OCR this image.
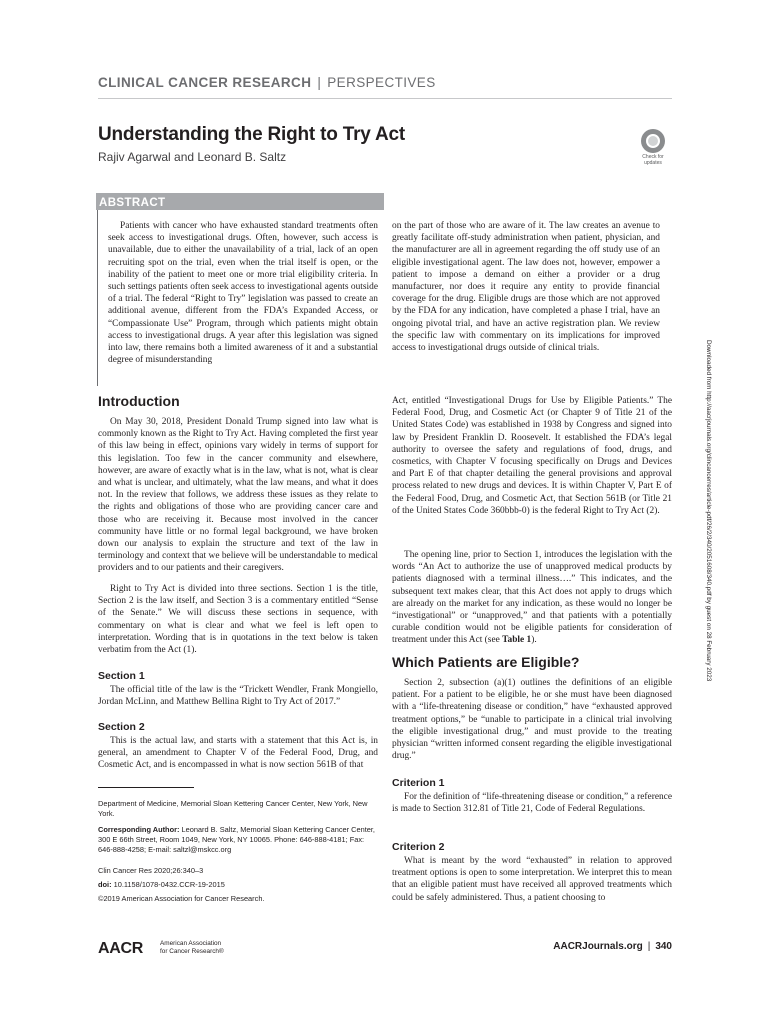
CLINICAL CANCER RESEARCH | PERSPECTIVES
Understanding the Right to Try Act
Rajiv Agarwal and Leonard B. Saltz	Check for
updates
ABSTRACT
Patients with cancer who have exhausted standard treatments often seek access to investigational drugs. Often, however, such access is unavailable, due to either the unavailability of a trial, lack of an open recruiting spot on the trial, even when the trial itself is open, or the inability of the patient to meet one or more trial eligibility criteria. In such settings patients often seek access to investigational agents outside of a trial. The federal “Right to Try” legislation was passed to create an additional avenue, different from the FDA’s Expanded Access, or “Compassionate Use” Program, through which patients might obtain access to investigational drugs. A year after this legislation was signed into law, there remains both a limited awareness of it and a substantial degree of misunderstanding
on the part of those who are aware of it. The law creates an avenue to greatly facilitate off-study administration when patient, physician, and the manufacturer are all in agreement regarding the off study use of an eligible investigational agent. The law does not, however, empower a patient to impose a demand on either a provider or a drug manufacturer, nor does it require any entity to provide financial coverage for the drug. Eligible drugs are those which are not approved by the FDA for any indication, have completed a phase I trial, have an ongoing pivotal trial, and have an active registration plan. We review the specific law with commentary on its implications for improved access to investigational drugs outside of clinical trials.	Downloaded from http://aacrjournals.org/clincancerres/article-pdf/26/2/340/2051608/340.pdf by guest on 28 February 2023
Introduction
On May 30, 2018, President Donald Trump signed into law what is commonly known as the Right to Try Act. Having completed the first year of this law being in effect, opinions vary widely in terms of support for this legislation. Too few in the cancer community and elsewhere, however, are aware of exactly what is in the law, what is not, what is clear and what is unclear, and ultimately, what the law means, and what it does not. In the review that follows, we address these issues as they relate to the rights and obligations of those who are providing cancer care and those who are receiving it. Because most involved in the cancer community have little or no formal legal background, we have broken down our analysis to explain the structure and text of the law in terminology and context that we believe will be understandable to medical providers and to our patients and their caregivers.
Right to Try Act is divided into three sections. Section 1 is the title, Section 2 is the law itself, and Section 3 is a commentary entitled “Sense of the Senate.” We will discuss these sections in sequence, with commentary on what is clear and what we feel is left open to interpretation. Wording that is in quotations in the text below is taken verbatim from the Act (1).
Section 1
The official title of the law is the “Trickett Wendler, Frank Mongiello, Jordan McLinn, and Matthew Bellina Right to Try Act of 2017.”
Section 2
This is the actual law, and starts with a statement that this Act is, in general, an amendment to Chapter V of the Federal Food, Drug, and Cosmetic Act, and is encompassed in what is now section 561B of that
Department of Medicine, Memorial Sloan Kettering Cancer Center, New York, New York.
Corresponding Author: Leonard B. Saltz, Memorial Sloan Kettering Cancer Center, 300 E 66th Street, Room 1049, New York, NY 10065. Phone: 646-888-4181; Fax: 646-888-4258; E-mail: saltzl@mskcc.org
Clin Cancer Res 2020;26:340–3
doi: 10.1158/1078-0432.CCR-19-2015
©2019 American Association for Cancer Research.
Act, entitled “Investigational Drugs for Use by Eligible Patients.” The Federal Food, Drug, and Cosmetic Act (or Chapter 9 of Title 21 of the United States Code) was established in 1938 by Congress and signed into law by President Franklin D. Roosevelt. It established the FDA’s legal authority to oversee the safety and regulations of food, drugs, and cosmetics, with Chapter V focusing specifically on Drugs and Devices and Part E of that chapter detailing the general provisions and approval process related to new drugs and devices. It is within Chapter V, Part E of the Federal Food, Drug, and Cosmetic Act, that Section 561B (or Title 21 of the United States Code 360bbb-0) is the federal Right to Try Act (2).
The opening line, prior to Section 1, introduces the legislation with the words “An Act to authorize the use of unapproved medical products by patients diagnosed with a terminal illness….” This indicates, and the subsequent text makes clear, that this Act does not apply to drugs which are already on the market for any indication, as these would no longer be “investigational” or “unapproved,” and that patients with a potentially curable condition would not be eligible patients for consideration of treatment under this Act (see Table 1).
Which Patients are Eligible?
Section 2, subsection (a)(1) outlines the definitions of an eligible patient. For a patient to be eligible, he or she must have been diagnosed with a “life-threatening disease or condition,” have “exhausted approved treatment options,” be “unable to participate in a clinical trial involving the eligible investigational drug,” and must provide to the treating physician “written informed consent regarding the eligible investigational drug.”
Criterion 1
For the definition of “life-threatening disease or condition,” a reference is made to Section 312.81 of Title 21, Code of Federal Regulations.
Criterion 2
What is meant by the word “exhausted” in relation to approved treatment options is open to some interpretation. We interpret this to mean that an eligible patient must have received all approved treatments which could be safely administered. Thus, a patient choosing to
AACR	American Association
for Cancer Research®	AACRJournals.org | 340
